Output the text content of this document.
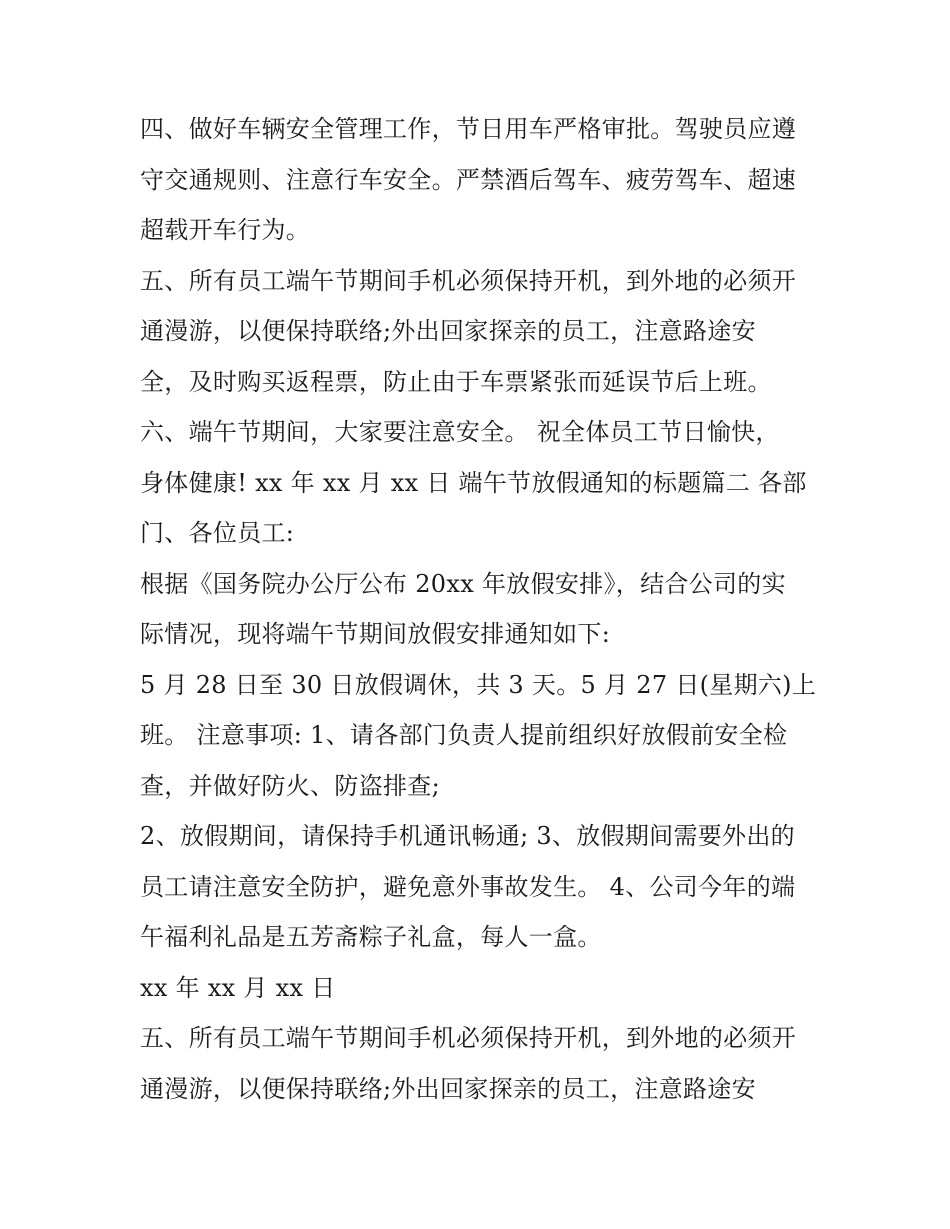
四、做好车辆安全管理工作，节日用车严格审批。驾驶员应遵
守交通规则、注意行车安全。严禁酒后驾车、疲劳驾车、超速
超载开车行为。
五、所有员工端午节期间手机必须保持开机，到外地的必须开
通漫游，以便保持联络;外出回家探亲的员工，注意路途安
全，及时购买返程票，防止由于车票紧张而延误节后上班。
六、端午节期间，大家要注意安全。 祝全体员工节日愉快，
身体健康! xx 年 xx 月 xx 日 端午节放假通知的标题篇二 各部
门、各位员工:
根据《国务院办公厅公布 20xx 年放假安排》，结合公司的实
际情况，现将端午节期间放假安排通知如下:
5 月 28 日至 30 日放假调休，共 3 天。5 月 27 日(星期六)上
班。 注意事项: 1、请各部门负责人提前组织好放假前安全检
查，并做好防火、防盗排查;
2、放假期间，请保持手机通讯畅通; 3、放假期间需要外出的
员工请注意安全防护，避免意外事故发生。 4、公司今年的端
午福利礼品是五芳斋粽子礼盒，每人一盒。
xx 年 xx 月 xx 日
五、所有员工端午节期间手机必须保持开机，到外地的必须开
通漫游，以便保持联络;外出回家探亲的员工，注意路途安
